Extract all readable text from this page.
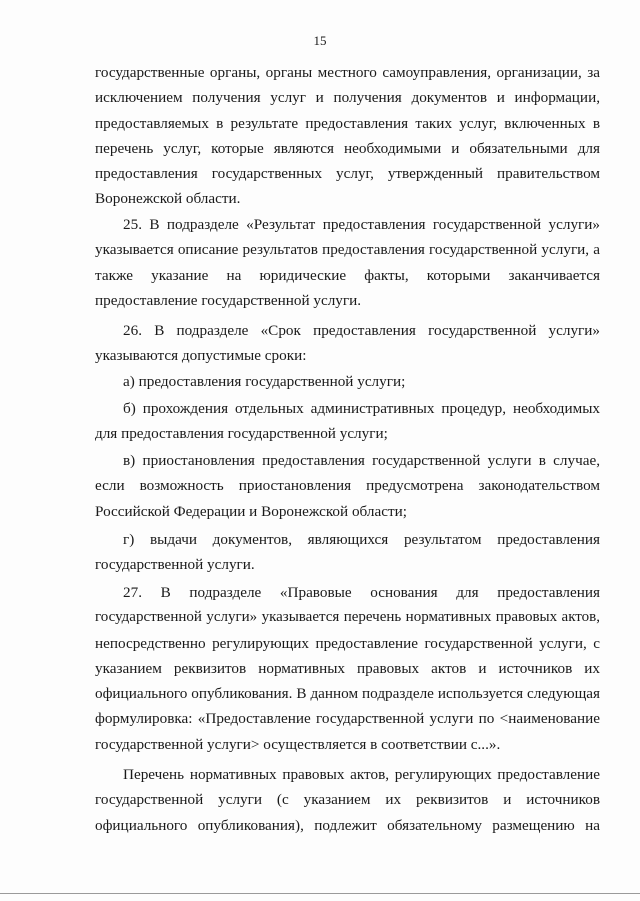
15
государственные органы, органы местного самоуправления, организации, за
исключением получения услуг и получения документов и информации,
предоставляемых в результате предоставления таких услуг, включенных в
перечень услуг, которые являются необходимыми и обязательными для
предоставления государственных услуг, утвержденный правительством
Воронежской области.
25. В подразделе «Результат предоставления государственной услуги»
указывается описание результатов предоставления государственной услуги, а
также указание на юридические факты, которыми заканчивается
предоставление государственной услуги.
26. В подразделе «Срок предоставления государственной услуги»
указываются допустимые сроки:
а) предоставления государственной услуги;
б) прохождения отдельных административных процедур, необходимых
для предоставления государственной услуги;
в) приостановления предоставления государственной услуги в случае,
если возможность приостановления предусмотрена законодательством
Российской Федерации и Воронежской области;
г) выдачи документов, являющихся результатом предоставления
государственной услуги.
27. В подразделе «Правовые основания для предоставления
государственной услуги» указывается перечень нормативных правовых актов,
непосредственно регулирующих предоставление государственной услуги, с
указанием реквизитов нормативных правовых актов и источников их
официального опубликования. В данном подразделе используется следующая
формулировка: «Предоставление государственной услуги по <наименование
государственной услуги> осуществляется в соответствии с...».
Перечень нормативных правовых актов, регулирующих предоставление
государственной услуги (с указанием их реквизитов и источников
официального опубликования), подлежит обязательному размещению на
